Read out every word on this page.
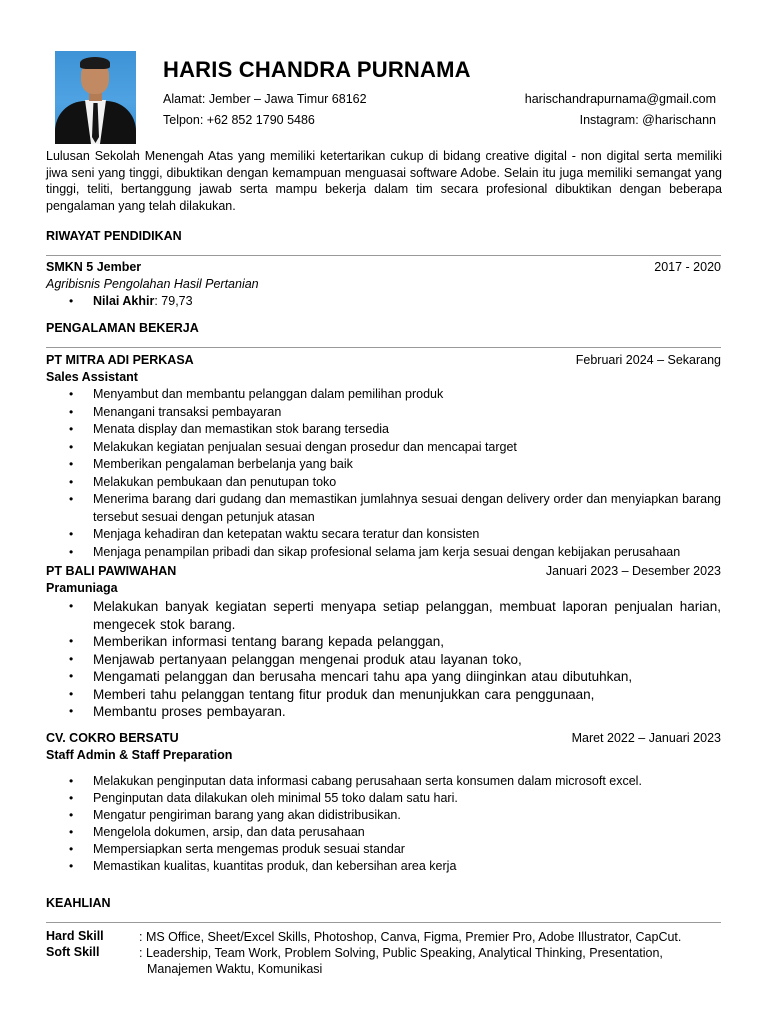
HARIS CHANDRA PURNAMA
Alamat: Jember – Jawa Timur 68162	harischandrapurnama@gmail.com
Telpon: +62 852 1790 5486	Instagram: @harischann
Lulusan Sekolah Menengah Atas yang memiliki ketertarikan cukup di bidang creative digital - non digital serta memiliki jiwa seni yang tinggi, dibuktikan dengan kemampuan menguasai software Adobe. Selain itu juga memiliki semangat yang tinggi, teliti, bertanggung jawab serta mampu bekerja dalam tim secara profesional dibuktikan dengan beberapa pengalaman yang telah dilakukan.
RIWAYAT PENDIDIKAN
SMKN 5 Jember	2017 - 2020
Agribisnis Pengolahan Hasil Pertanian
• Nilai Akhir: 79,73
PENGALAMAN BEKERJA
PT MITRA ADI PERKASA	Februari 2024 – Sekarang
Sales Assistant
• Menyambut dan membantu pelanggan dalam pemilihan produk
• Menangani transaksi pembayaran
• Menata display dan memastikan stok barang tersedia
• Melakukan kegiatan penjualan sesuai dengan prosedur dan mencapai target
• Memberikan pengalaman berbelanja yang baik
• Melakukan pembukaan dan penutupan toko
• Menerima barang dari gudang dan memastikan jumlahnya sesuai dengan delivery order dan menyiapkan barang tersebut sesuai dengan petunjuk atasan
• Menjaga kehadiran dan ketepatan waktu secara teratur dan konsisten
• Menjaga penampilan pribadi dan sikap profesional selama jam kerja sesuai dengan kebijakan perusahaan
PT BALI PAWIWAHAN	Januari 2023 – Desember 2023
Pramuniaga
• Melakukan banyak kegiatan seperti menyapa setiap pelanggan, membuat laporan penjualan harian, mengecek stok barang.
• Memberikan informasi tentang barang kepada pelanggan,
• Menjawab pertanyaan pelanggan mengenai produk atau layanan toko,
• Mengamati pelanggan dan berusaha mencari tahu apa yang diinginkan atau dibutuhkan,
• Memberi tahu pelanggan tentang fitur produk dan menunjukkan cara penggunaan,
• Membantu proses pembayaran.
CV. COKRO BERSATU	Maret 2022 – Januari 2023
Staff Admin & Staff Preparation
• Melakukan penginputan data informasi cabang perusahaan serta konsumen dalam microsoft excel.
• Penginputan data dilakukan oleh minimal 55 toko dalam satu hari.
• Mengatur pengiriman barang yang akan didistribusikan.
• Mengelola dokumen, arsip, dan data perusahaan
• Mempersiapkan serta mengemas produk sesuai standar
• Memastikan kualitas, kuantitas produk, dan kebersihan area kerja
KEAHLIAN
Hard Skill	: MS Office, Sheet/Excel Skills, Photoshop, Canva, Figma, Premier Pro, Adobe Illustrator, CapCut.
Soft Skill	: Leadership, Team Work, Problem Solving, Public Speaking, Analytical Thinking, Presentation,
Manajemen Waktu, Komunikasi
